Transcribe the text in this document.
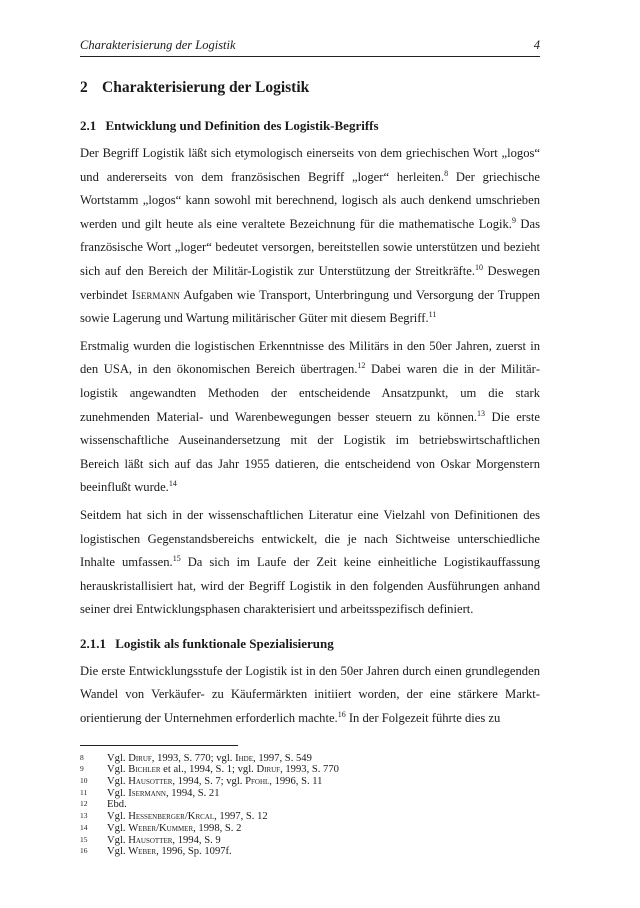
Charakterisierung der Logistik	4
2 Charakterisierung der Logistik
2.1 Entwicklung und Definition des Logistik-Begriffs

Der Begriff Logistik läßt sich etymologisch einerseits von dem griechischen Wort „logos“ und andererseits von dem französischen Begriff „loger“ herleiten.$^8$ Der griechische Wortstamm „logos“ kann sowohl mit berechnend, logisch als auch denkend umschrieben werden und gilt heute als eine veraltete Bezeichnung für die mathematische Logik.$^9$ Das französische Wort „loger“ bedeutet versorgen, bereitstellen sowie unterstützen und bezieht sich auf den Bereich der Militär-Logistik zur Unterstützung der Streitkräfte.$^{10}$ Deswegen verbindet Isermann Aufgaben wie Transport, Unterbringung und Versorgung der Truppen sowie Lagerung und Wartung militärischer Güter mit diesem Begriff.$^{11}$

Erstmalig wurden die logistischen Erkenntnisse des Militärs in den 50er Jahren, zuerst in den USA, in den ökonomischen Bereich übertragen.$^{12}$ Dabei waren die in der Militärlogistik angewandten Methoden der entscheidende Ansatzpunkt, um die stark zunehmenden Material- und Warenbewegungen besser steuern zu können.$^{13}$ Die erste wissenschaftliche Auseinandersetzung mit der Logistik im betriebswirtschaftlichen Bereich läßt sich auf das Jahr 1955 datieren, die entscheidend von Oskar Morgenstern beeinflußt wurde.$^{14}$

Seitdem hat sich in der wissenschaftlichen Literatur eine Vielzahl von Definitionen des logistischen Gegenstandsbereichs entwickelt, die je nach Sichtweise unterschiedliche Inhalte umfassen.$^{15}$ Da sich im Laufe der Zeit keine einheitliche Logistikauffassung herauskristallisiert hat, wird der Begriff Logistik in den folgenden Ausführungen anhand seiner drei Entwicklungsphasen charakterisiert und arbeitsspezifisch definiert.

2.1.1 Logistik als funktionale Spezialisierung

Die erste Entwicklungsstufe der Logistik ist in den 50er Jahren durch einen grundlegenden Wandel von Verkäufer- zu Käufermärkten initiiert worden, der eine stärkere Marktorientierung der Unternehmen erforderlich machte.$^{16}$ In der Folgezeit führte dies zu

8	Vgl. Diruf, 1993, S. 770; vgl. Ihde, 1997, S. 549
9	Vgl. Bichler et al., 1994, S. 1; vgl. Diruf, 1993, S. 770
10	Vgl. Hausotter, 1994, S. 7; vgl. Pfohl, 1996, S. 11
11	Vgl. Isermann, 1994, S. 21
12	Ebd.
13	Vgl. Hessenberger/Krcal, 1997, S. 12
14	Vgl. Weber/Kummer, 1998, S. 2
15	Vgl. Hausotter, 1994, S. 9
16	Vgl. Weber, 1996, Sp. 1097f.
